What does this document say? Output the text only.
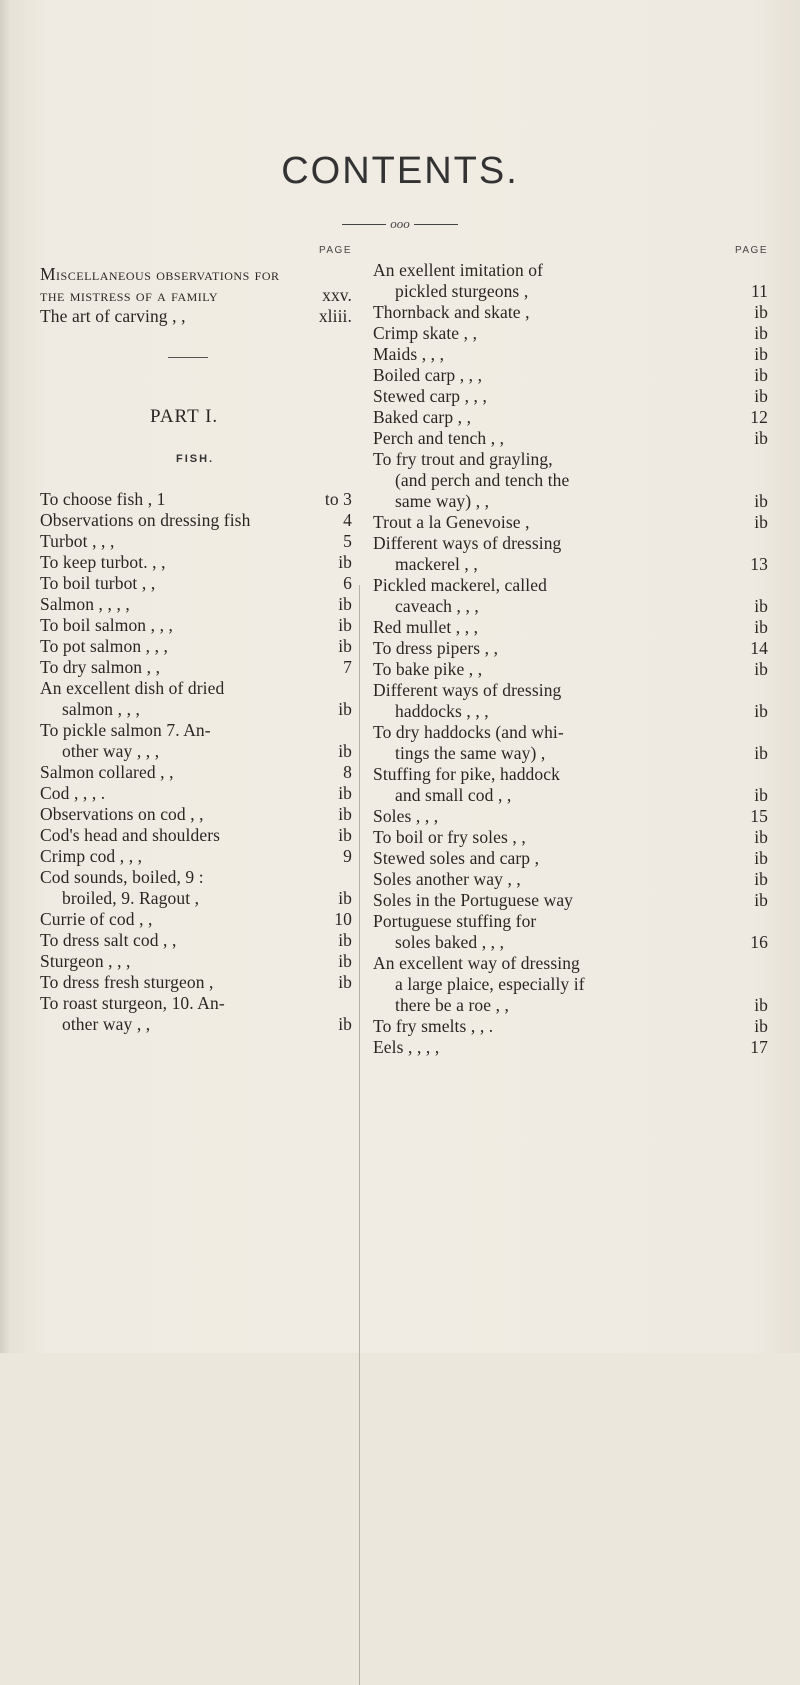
CONTENTS.
ooo
PAGE
Miscellaneous observations for the mistress of a family	xxv.
The art of carving , ,	xliii.
PART I.
FISH.
To choose fish , 1	to 3
Observations on dressing fish	4
Turbot , , ,	5
To keep turbot. , ,	ib
To boil turbot , ,	6
Salmon , , , ,	ib
To boil salmon , , ,	ib
To pot salmon , , ,	ib
To dry salmon , ,	7
An excellent dish of dried
salmon , , ,	ib
To pickle salmon 7. An-
other way , , ,	ib
Salmon collared , ,	8
Cod , , , .	ib
Observations on cod , ,	ib
Cod's head and shoulders	ib
Crimp cod , , ,	9
Cod sounds, boiled, 9 :
broiled, 9. Ragout ,	ib
Currie of cod , ,	10
To dress salt cod , ,	ib
Sturgeon , , ,	ib
To dress fresh sturgeon ,	ib
To roast sturgeon, 10. An-
other way , ,	ib
PAGE
An exellent imitation of
pickled sturgeons ,	11
Thornback and skate ,	ib
Crimp skate , ,	ib
Maids , , ,	ib
Boiled carp , , ,	ib
Stewed carp , , ,	ib
Baked carp , ,	12
Perch and tench , ,	ib
To fry trout and grayling,
(and perch and tench the
same way) , ,	ib
Trout a la Genevoise ,	ib
Different ways of dressing
mackerel , ,	13
Pickled mackerel, called
caveach , , ,	ib
Red mullet , , ,	ib
To dress pipers , ,	14
To bake pike , ,	ib
Different ways of dressing
haddocks , , ,	ib
To dry haddocks (and whi-
tings the same way) ,	ib
Stuffing for pike, haddock
and small cod , ,	ib
Soles , , ,	15
To boil or fry soles , ,	ib
Stewed soles and carp ,	ib
Soles another way , ,	ib
Soles in the Portuguese way	ib
Portuguese stuffing for
soles baked , , ,	16
An excellent way of dressing
a large plaice, especially if
there be a roe , ,	ib
To fry smelts , , .	ib
Eels , , , ,	17
